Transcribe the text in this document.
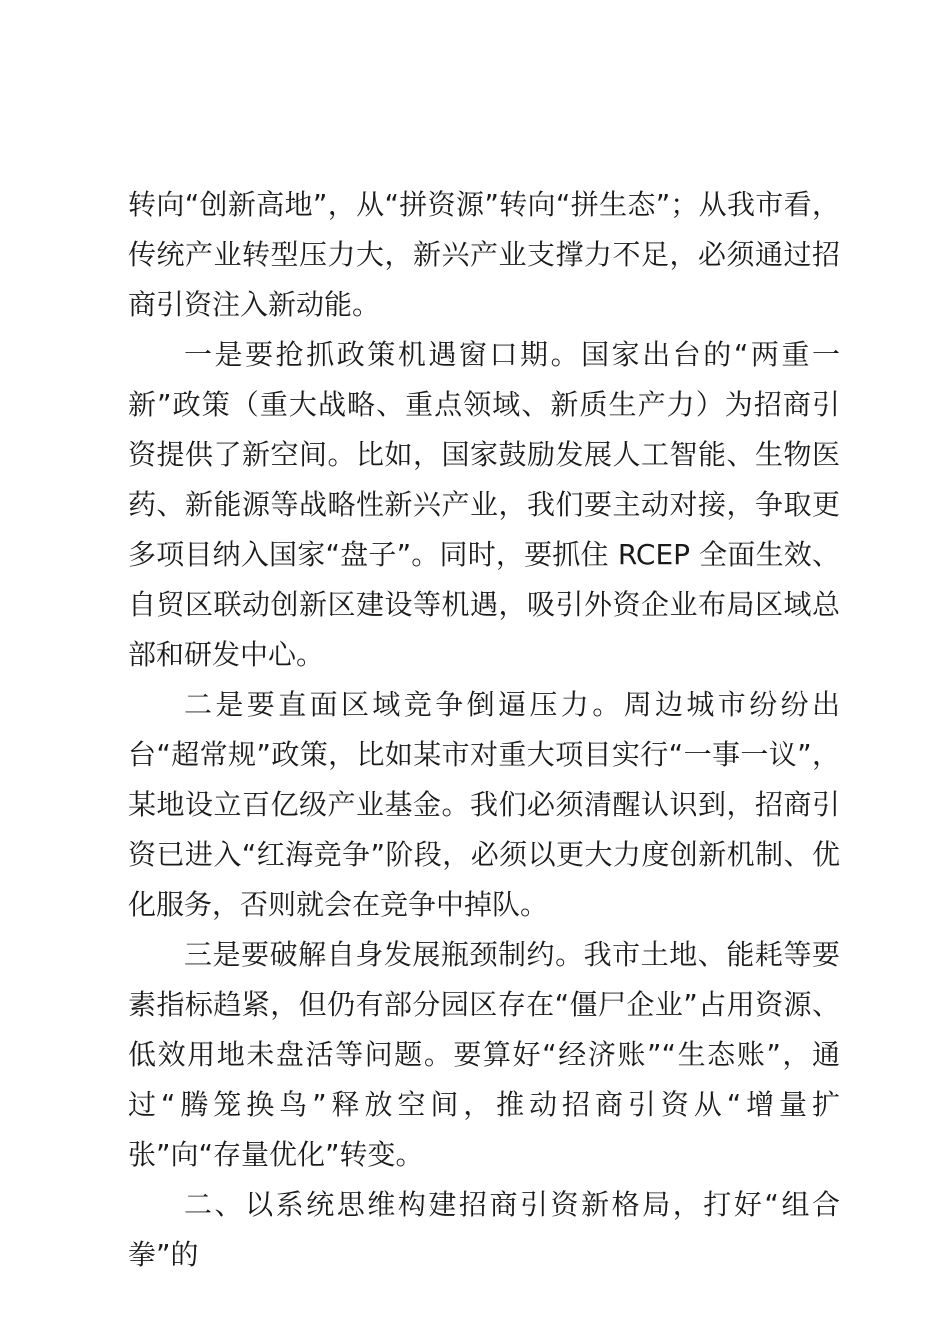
转向“创新高地”，从“拼资源”转向“拼生态”；从我市看，传统产业转型压力大，新兴产业支撑力不足，必须通过招商引资注入新动能。

一是要抢抓政策机遇窗口期。国家出台的“两重一新”政策（重大战略、重点领域、新质生产力）为招商引资提供了新空间。比如，国家鼓励发展人工智能、生物医药、新能源等战略性新兴产业，我们要主动对接，争取更多项目纳入国家“盘子”。同时，要抓住 RCEP 全面生效、自贸区联动创新区建设等机遇，吸引外资企业布局区域总部和研发中心。

二是要直面区域竞争倒逼压力。周边城市纷纷出台“超常规”政策，比如某市对重大项目实行“一事一议”，某地设立百亿级产业基金。我们必须清醒认识到，招商引资已进入“红海竞争”阶段，必须以更大力度创新机制、优化服务，否则就会在竞争中掉队。

三是要破解自身发展瓶颈制约。我市土地、能耗等要素指标趋紧，但仍有部分园区存在“僵尸企业”占用资源、低效用地未盘活等问题。要算好“经济账”“生态账”，通过“腾笼换鸟”释放空间，推动招商引资从“增量扩张”向“存量优化”转变。

二、以系统思维构建招商引资新格局，打好“组合拳”的
